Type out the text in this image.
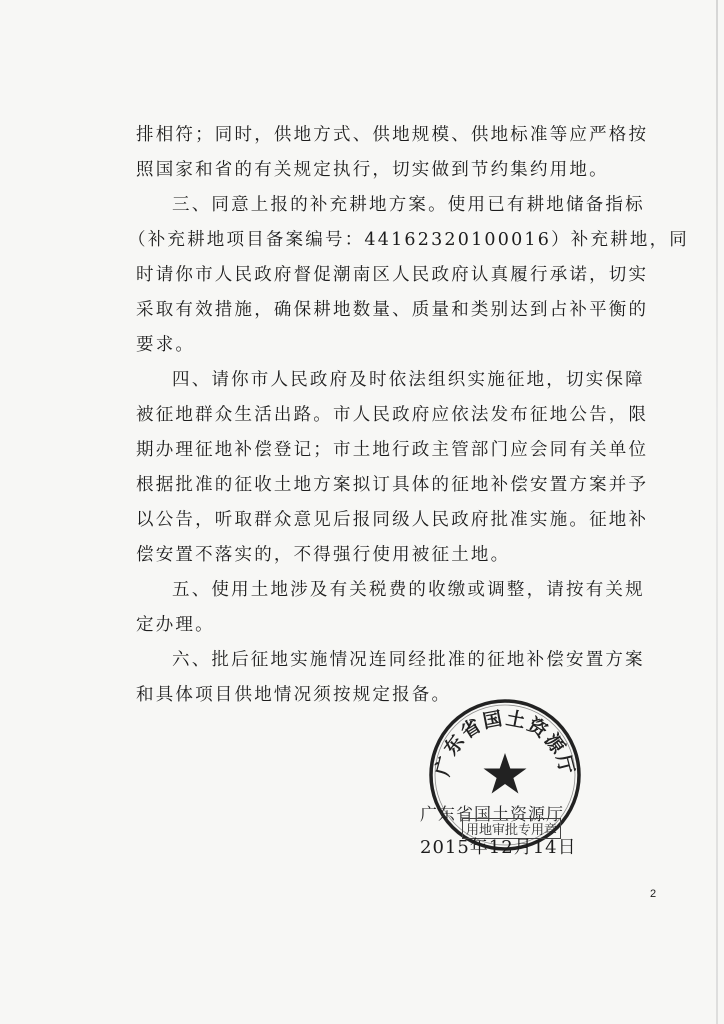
排相符；同时，供地方式、供地规模、供地标准等应严格按
照国家和省的有关规定执行，切实做到节约集约用地。
三、同意上报的补充耕地方案。使用已有耕地储备指标
（补充耕地项目备案编号：44162320100016）补充耕地，同
时请你市人民政府督促潮南区人民政府认真履行承诺，切实
采取有效措施，确保耕地数量、质量和类别达到占补平衡的
要求。
四、请你市人民政府及时依法组织实施征地，切实保障
被征地群众生活出路。市人民政府应依法发布征地公告，限
期办理征地补偿登记；市土地行政主管部门应会同有关单位
根据批准的征收土地方案拟订具体的征地补偿安置方案并予
以公告，听取群众意见后报同级人民政府批准实施。征地补
偿安置不落实的，不得强行使用被征土地。
五、使用土地涉及有关税费的收缴或调整，请按有关规
定办理。
六、批后征地实施情况连同经批准的征地补偿安置方案
和具体项目供地情况须按规定报备。
广东省国土资源厅
广东省国土资源厅
用地审批专用章
2015年12月14日
2
